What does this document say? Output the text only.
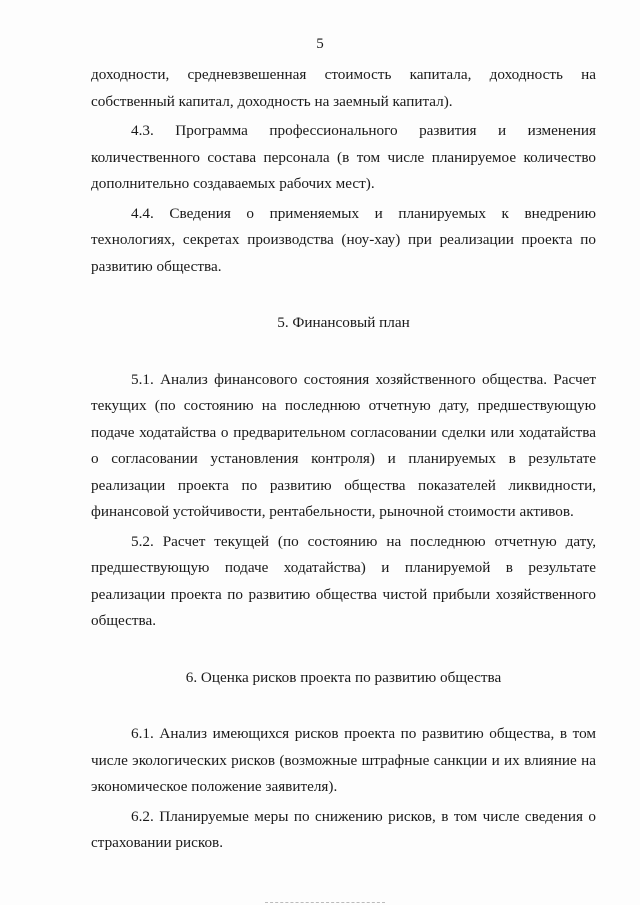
5

доходности, средневзвешенная стоимость капитала, доходность на собственный капитал, доходность на заемный капитал).

4.3. Программа профессионального развития и изменения количественного состава персонала (в том числе планируемое количество дополнительно создаваемых рабочих мест).

4.4. Сведения о применяемых и планируемых к внедрению технологиях, секретах производства (ноу-хау) при реализации проекта по развитию общества.

5. Финансовый план

5.1. Анализ финансового состояния хозяйственного общества. Расчет текущих (по состоянию на последнюю отчетную дату, предшествующую подаче ходатайства о предварительном согласовании сделки или ходатайства о согласовании установления контроля) и планируемых в результате реализации проекта по развитию общества показателей ликвидности, финансовой устойчивости, рентабельности, рыночной стоимости активов.

5.2. Расчет текущей (по состоянию на последнюю отчетную дату, предшествующую подаче ходатайства) и планируемой в результате реализации проекта по развитию общества чистой прибыли хозяйственного общества.

6. Оценка рисков проекта по развитию общества

6.1. Анализ имеющихся рисков проекта по развитию общества, в том числе экологических рисков (возможные штрафные санкции и их влияние на экономическое положение заявителя).

6.2. Планируемые меры по снижению рисков, в том числе сведения о страховании рисков.
